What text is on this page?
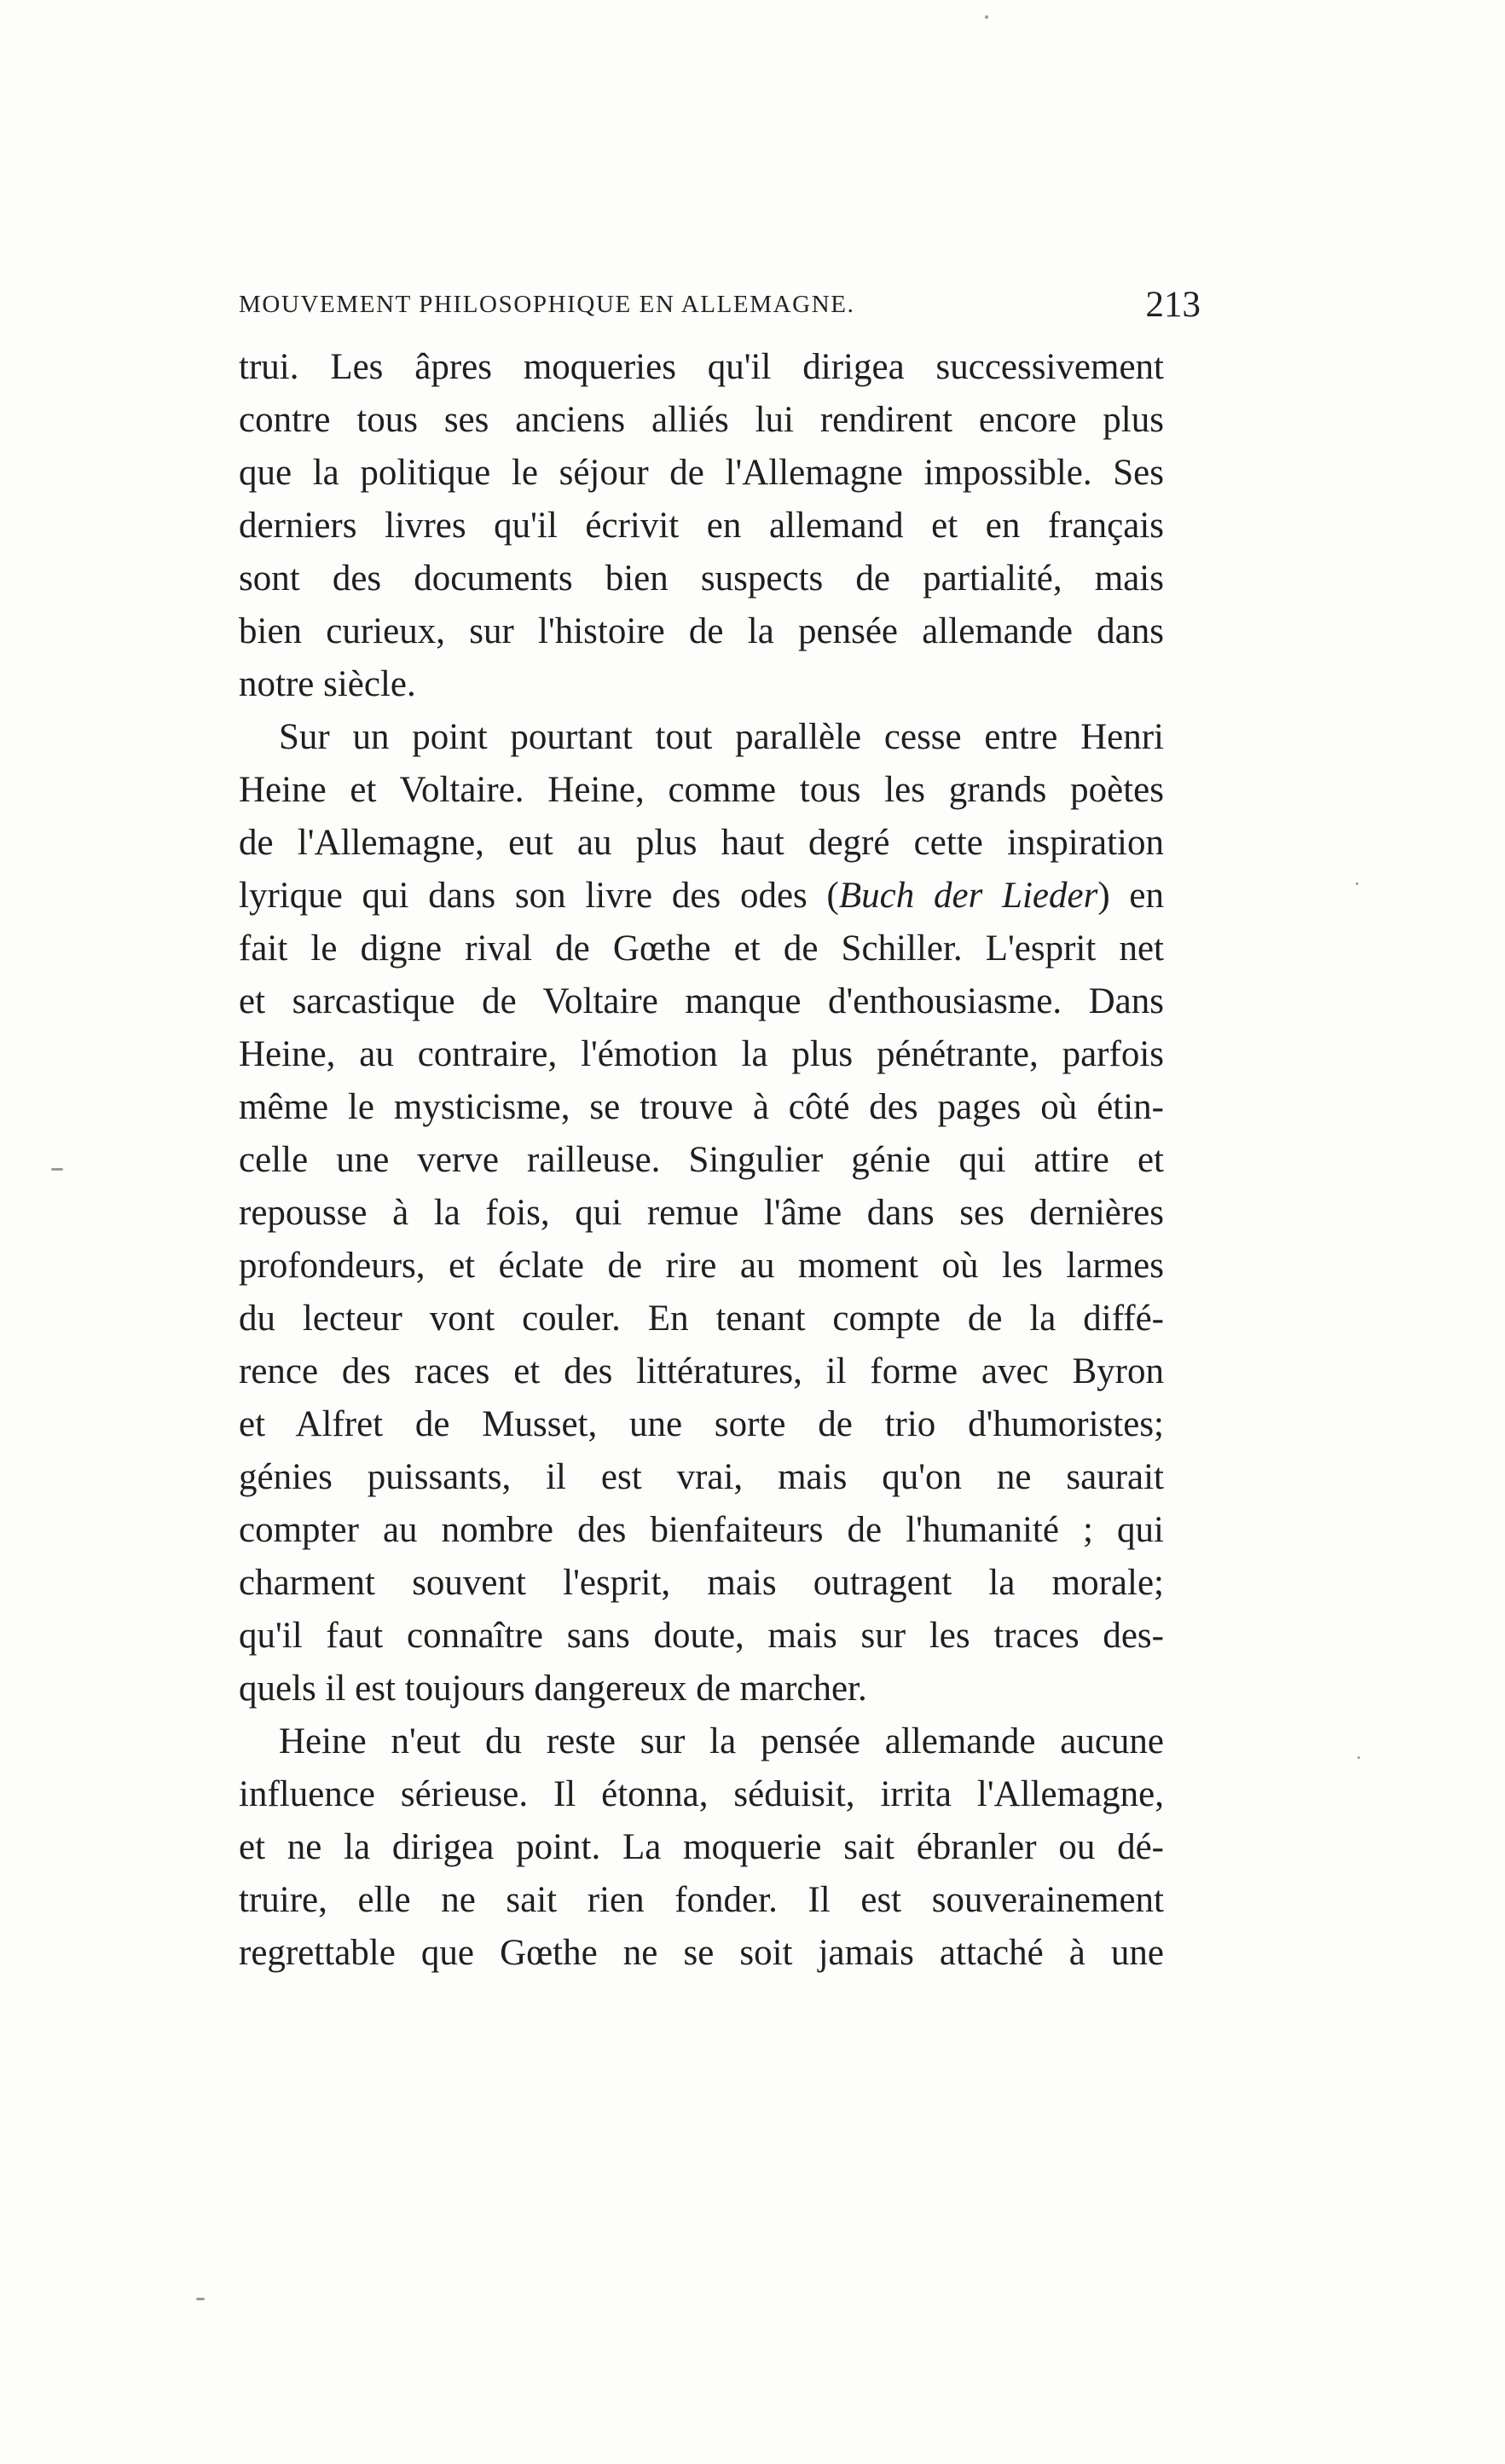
MOUVEMENT PHILOSOPHIQUE EN ALLEMAGNE.	213
trui. Les âpres moqueries qu'il dirigea successivement
contre tous ses anciens alliés lui rendirent encore plus
que la politique le séjour de l'Allemagne impossible. Ses
derniers livres qu'il écrivit en allemand et en français
sont des documents bien suspects de partialité, mais
bien curieux, sur l'histoire de la pensée allemande dans
notre siècle.
Sur un point pourtant tout parallèle cesse entre Henri
Heine et Voltaire. Heine, comme tous les grands poètes
de l'Allemagne, eut au plus haut degré cette inspiration
lyrique qui dans son livre des odes (Buch der Lieder) en
fait le digne rival de Gœthe et de Schiller. L'esprit net
et sarcastique de Voltaire manque d'enthousiasme. Dans
Heine, au contraire, l'émotion la plus pénétrante, parfois
même le mysticisme, se trouve à côté des pages où étin-
celle une verve railleuse. Singulier génie qui attire et
repousse à la fois, qui remue l'âme dans ses dernières
profondeurs, et éclate de rire au moment où les larmes
du lecteur vont couler. En tenant compte de la diffé-
rence des races et des littératures, il forme avec Byron
et Alfret de Musset, une sorte de trio d'humoristes;
génies puissants, il est vrai, mais qu'on ne saurait
compter au nombre des bienfaiteurs de l'humanité ; qui
charment souvent l'esprit, mais outragent la morale;
qu'il faut connaître sans doute, mais sur les traces des-
quels il est toujours dangereux de marcher.
Heine n'eut du reste sur la pensée allemande aucune
influence sérieuse. Il étonna, séduisit, irrita l'Allemagne,
et ne la dirigea point. La moquerie sait ébranler ou dé-
truire, elle ne sait rien fonder. Il est souverainement
regrettable que Gœthe ne se soit jamais attaché à une
